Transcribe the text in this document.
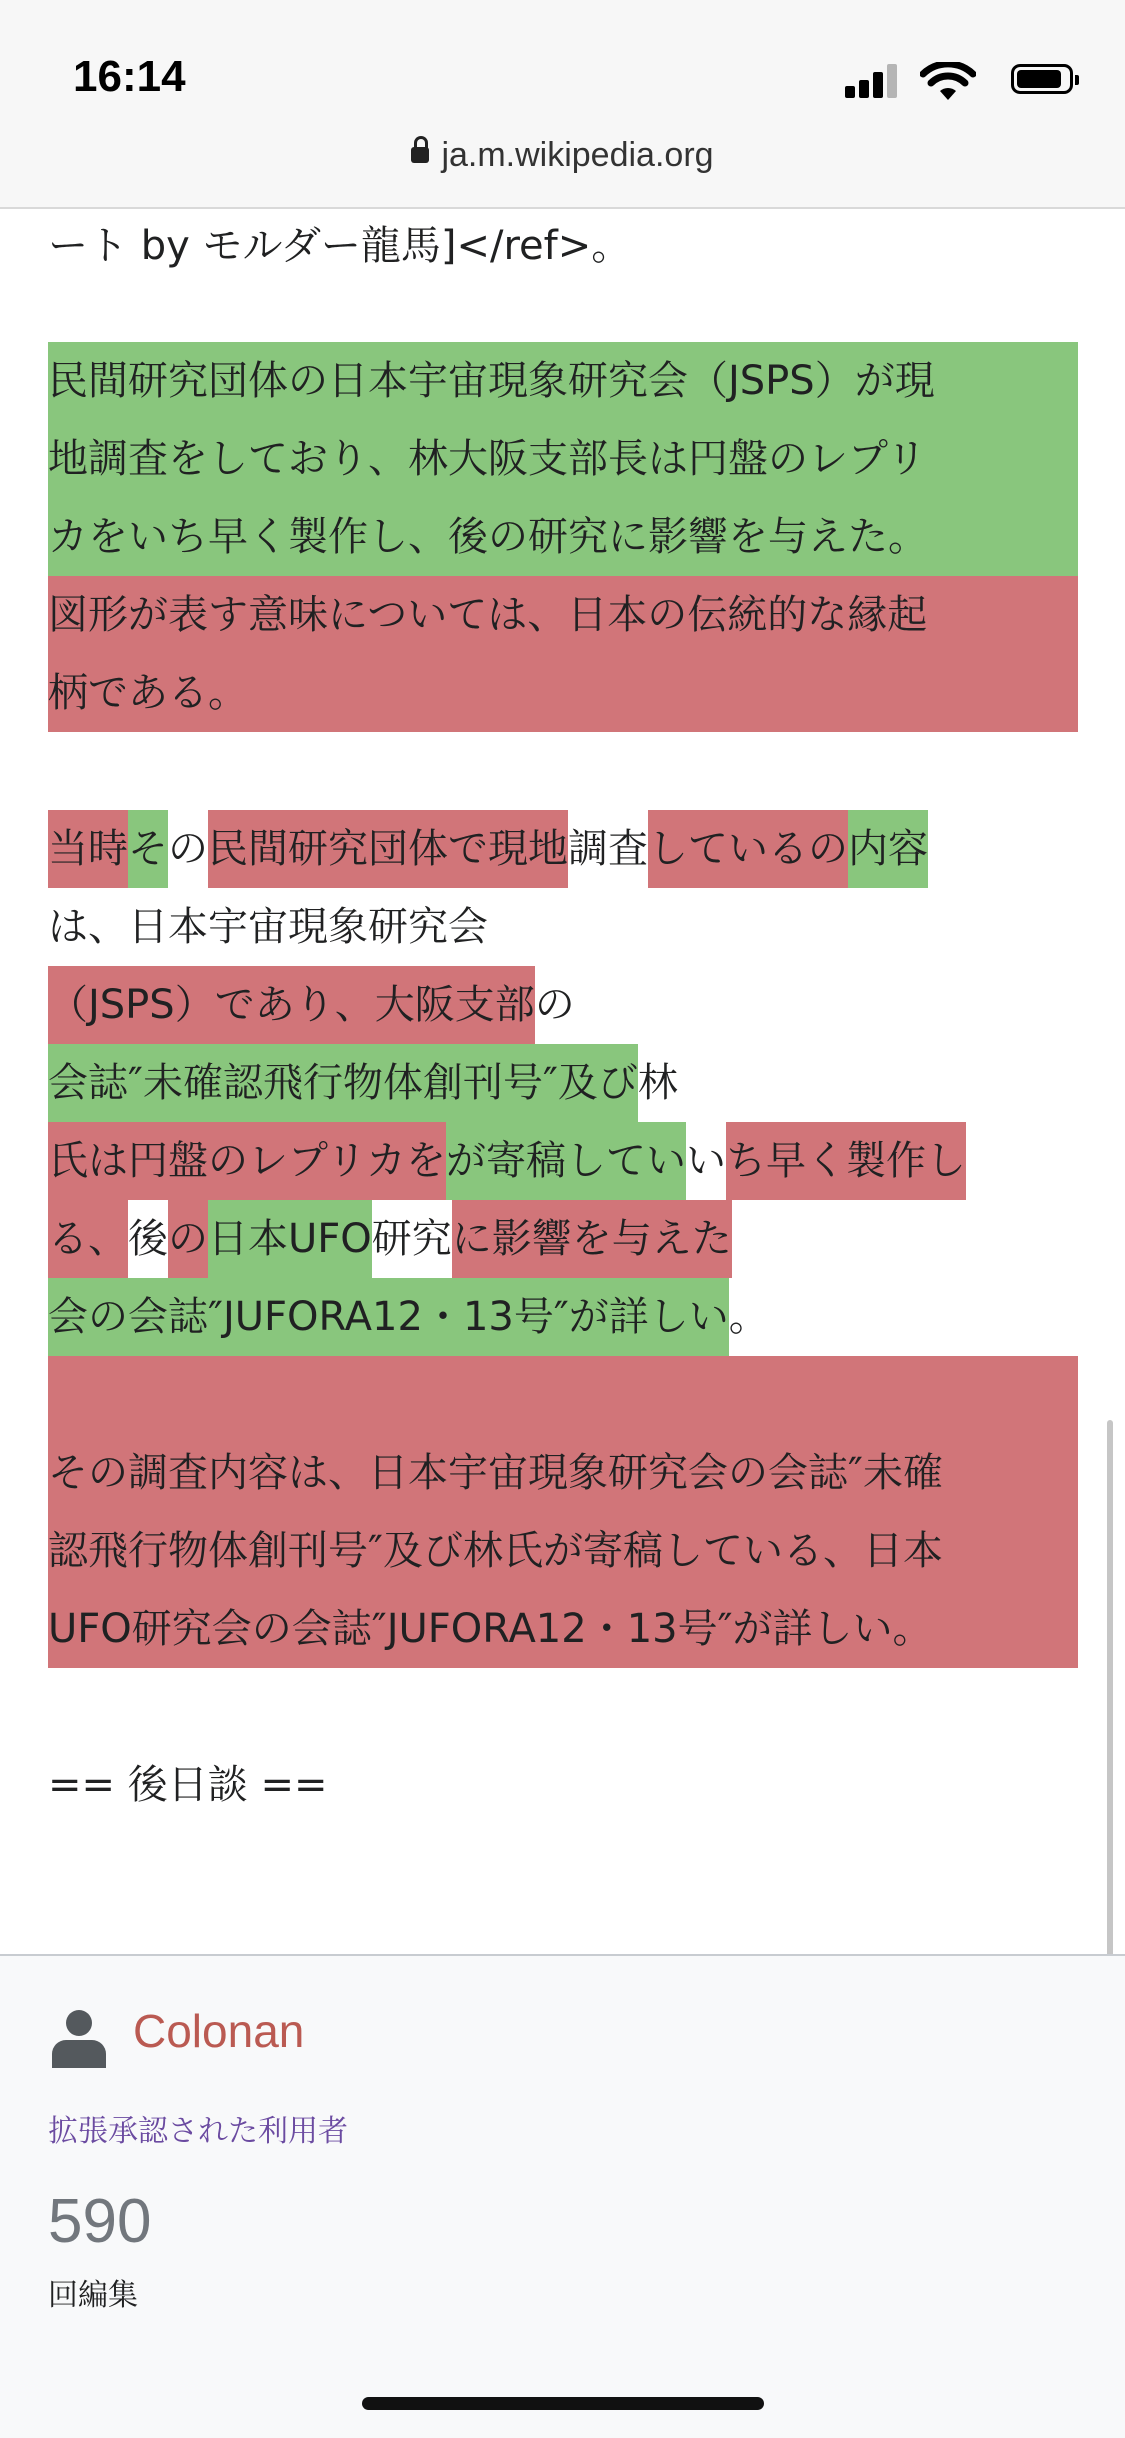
16:14
ja.m.wikipedia.org
ート by モルダー龍馬]</ref>。
民間研究団体の日本宇宙現象研究会（JSPS）が現
地調査をしており、林大阪支部長は円盤のレプリ
カをいち早く製作し、後の研究に影響を与えた。
図形が表す意味については、日本の伝統的な縁起
柄である。
当時その民間研究団体で現地調査しているの内容
は、日本宇宙現象研究会
（JSPS）であり、大阪支部の
会誌″未確認飛行物体創刊号″及び林
氏は円盤のレプリカをが寄稿していいち早く製作し
る、後の日本UFO研究に影響を与えた
会の会誌″JUFORA12・13号″が詳しい。
その調査内容は、日本宇宙現象研究会の会誌″未確
認飛行物体創刊号″及び林氏が寄稿している、日本
UFO研究会の会誌″JUFORA12・13号″が詳しい。
== 後日談 ==
Colonan
拡張承認された利用者
590
回編集
